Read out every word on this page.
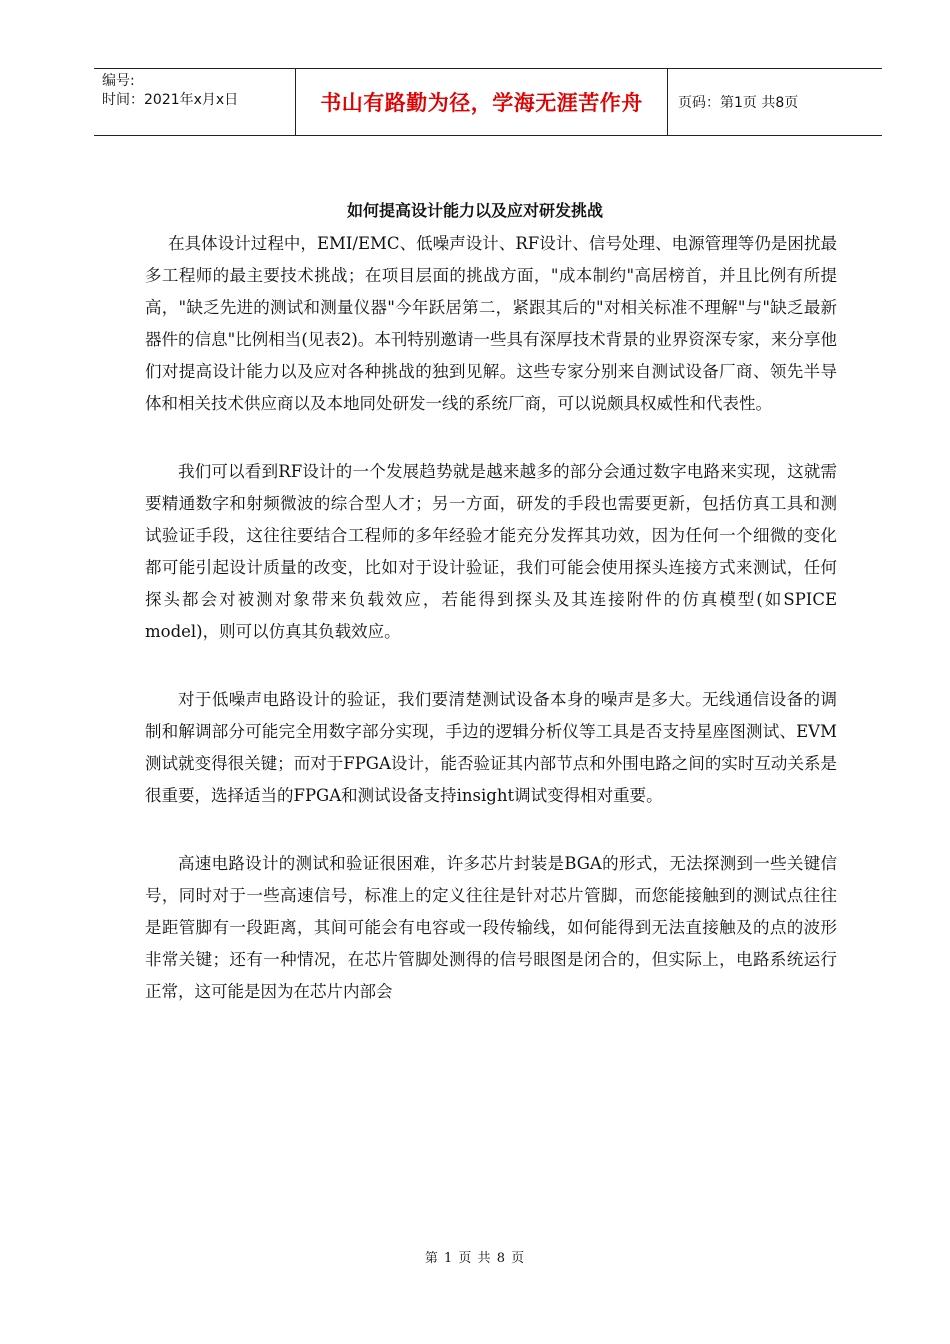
编号:
时间：2021年x月x日	书山有路勤为径，学海无涯苦作舟	页码：第1页 共8页
如何提高设计能力以及应对研发挑战

在具体设计过程中，EMI/EMC、低噪声设计、RF设计、信号处理、电源管理等仍是困扰最多工程师的最主要技术挑战；在项目层面的挑战方面，"成本制约"高居榜首，并且比例有所提高，"缺乏先进的测试和测量仪器"今年跃居第二，紧跟其后的"对相关标准不理解"与"缺乏最新器件的信息"比例相当(见表2)。本刊特别邀请一些具有深厚技术背景的业界资深专家，来分享他们对提高设计能力以及应对各种挑战的独到见解。这些专家分别来自测试设备厂商、领先半导体和相关技术供应商以及本地同处研发一线的系统厂商，可以说颇具权威性和代表性。

我们可以看到RF设计的一个发展趋势就是越来越多的部分会通过数字电路来实现，这就需要精通数字和射频微波的综合型人才；另一方面，研发的手段也需要更新，包括仿真工具和测试验证手段，这往往要结合工程师的多年经验才能充分发挥其功效，因为任何一个细微的变化都可能引起设计质量的改变，比如对于设计验证，我们可能会使用探头连接方式来测试，任何探头都会对被测对象带来负载效应，若能得到探头及其连接附件的仿真模型(如SPICE　model)，则可以仿真其负载效应。

对于低噪声电路设计的验证，我们要清楚测试设备本身的噪声是多大。无线通信设备的调制和解调部分可能完全用数字部分实现，手边的逻辑分析仪等工具是否支持星座图测试、EVM测试就变得很关键；而对于FPGA设计，能否验证其内部节点和外围电路之间的实时互动关系是很重要，选择适当的FPGA和测试设备支持insight调试变得相对重要。

高速电路设计的测试和验证很困难，许多芯片封装是BGA的形式，无法探测到一些关键信号，同时对于一些高速信号，标准上的定义往往是针对芯片管脚，而您能接触到的测试点往往是距管脚有一段距离，其间可能会有电容或一段传输线，如何能得到无法直接触及的点的波形非常关键；还有一种情况，在芯片管脚处测得的信号眼图是闭合的，但实际上，电路系统运行正常，这可能是因为在芯片内部会

第 1 页 共 8 页
